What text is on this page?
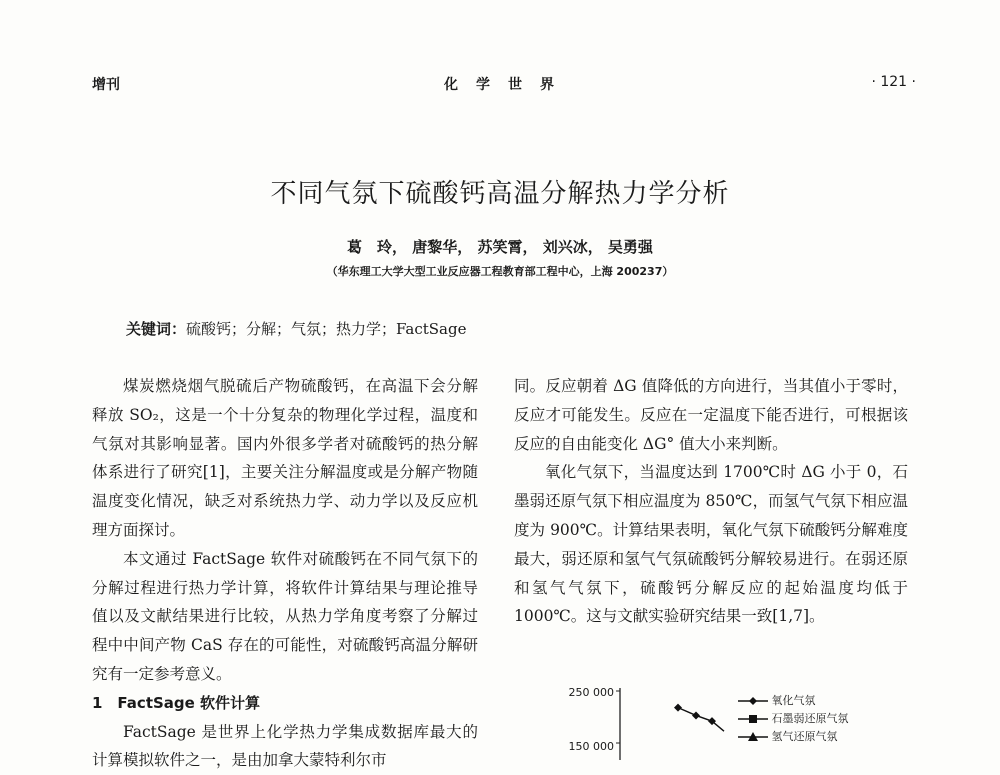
增刊	化　学　世　界	· 121 ·
不同气氛下硫酸钙高温分解热力学分析
葛　玲， 唐黎华， 苏笑霄， 刘兴冰， 吴勇强
（华东理工大学大型工业反应器工程教育部工程中心，上海 200237）
关键词：硫酸钙；分解；气氛；热力学；FactSage

煤炭燃烧烟气脱硫后产物硫酸钙，在高温下会分解释放 SO₂，这是一个十分复杂的物理化学过程，温度和气氛对其影响显著。国内外很多学者对硫酸钙的热分解体系进行了研究[1]，主要关注分解温度或是分解产物随温度变化情况，缺乏对系统热力学、动力学以及反应机理方面探讨。

本文通过 FactSage 软件对硫酸钙在不同气氛下的分解过程进行热力学计算，将软件计算结果与理论推导值以及文献结果进行比较，从热力学角度考察了分解过程中中间产物 CaS 存在的可能性，对硫酸钙高温分解研究有一定参考意义。

1　FactSage 软件计算

FactSage 是世界上化学热力学集成数据库最大的计算模拟软件之一，是由加拿大蒙特利尔市

同。反应朝着 ΔG 值降低的方向进行，当其值小于零时，反应才可能发生。反应在一定温度下能否进行，可根据该反应的自由能变化 ΔG° 值大小来判断。

氧化气氛下，当温度达到 1700℃时 ΔG 小于 0，石墨弱还原气氛下相应温度为 850℃，而氢气气氛下相应温度为 900℃。计算结果表明，氧化气氛下硫酸钙分解难度最大，弱还原和氢气气氛硫酸钙分解较易进行。在弱还原和氢气气氛下，硫酸钙分解反应的起始温度均低于 1000℃。这与文献实验研究结果一致[1,7]。

250 000
150 000
氧化气氛
石墨弱还原气氛
氢气还原气氛
